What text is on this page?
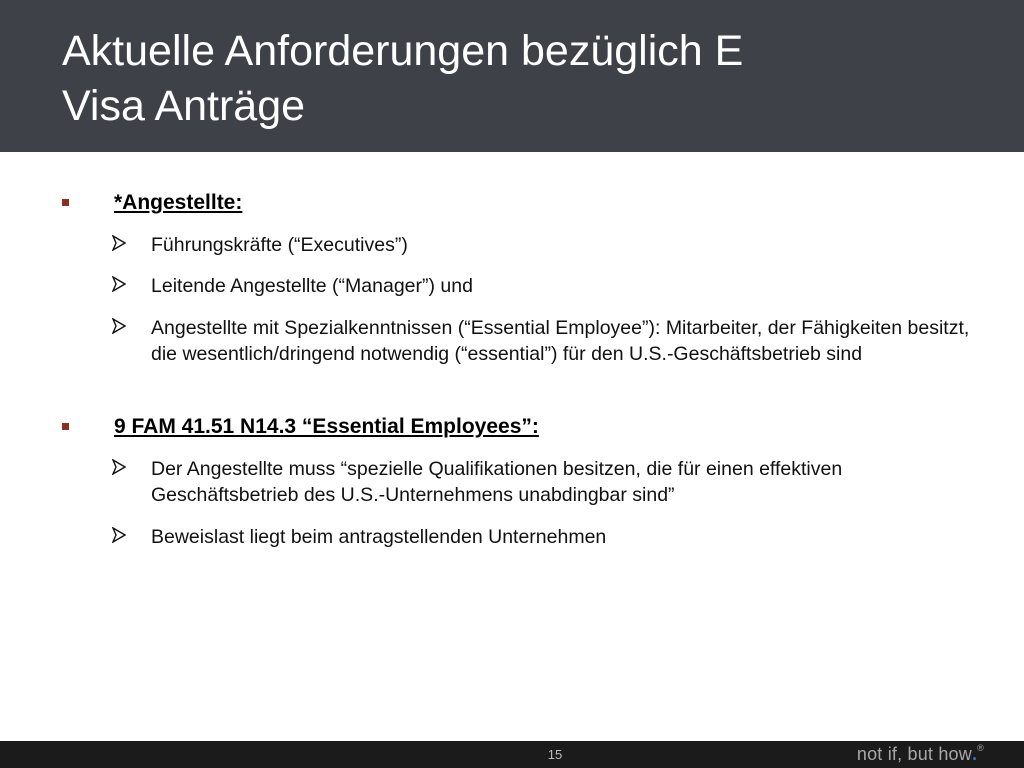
Aktuelle Anforderungen bezüglich E
Visa Anträge
*Angestellte:
Führungskräfte (“Executives”)
Leitende Angestellte (“Manager”) und
Angestellte mit Spezialkenntnissen (“Essential Employee”): Mitarbeiter, der Fähigkeiten besitzt, die wesentlich/dringend notwendig (“essential”) für den U.S.-Geschäftsbetrieb sind
9 FAM 41.51 N14.3 “Essential Employees”:
Der Angestellte muss “spezielle Qualifikationen besitzen, die für einen effektiven Geschäftsbetrieb des U.S.-Unternehmens unabdingbar sind”
Beweislast liegt beim antragstellenden Unternehmen
15	not if, but how.®
